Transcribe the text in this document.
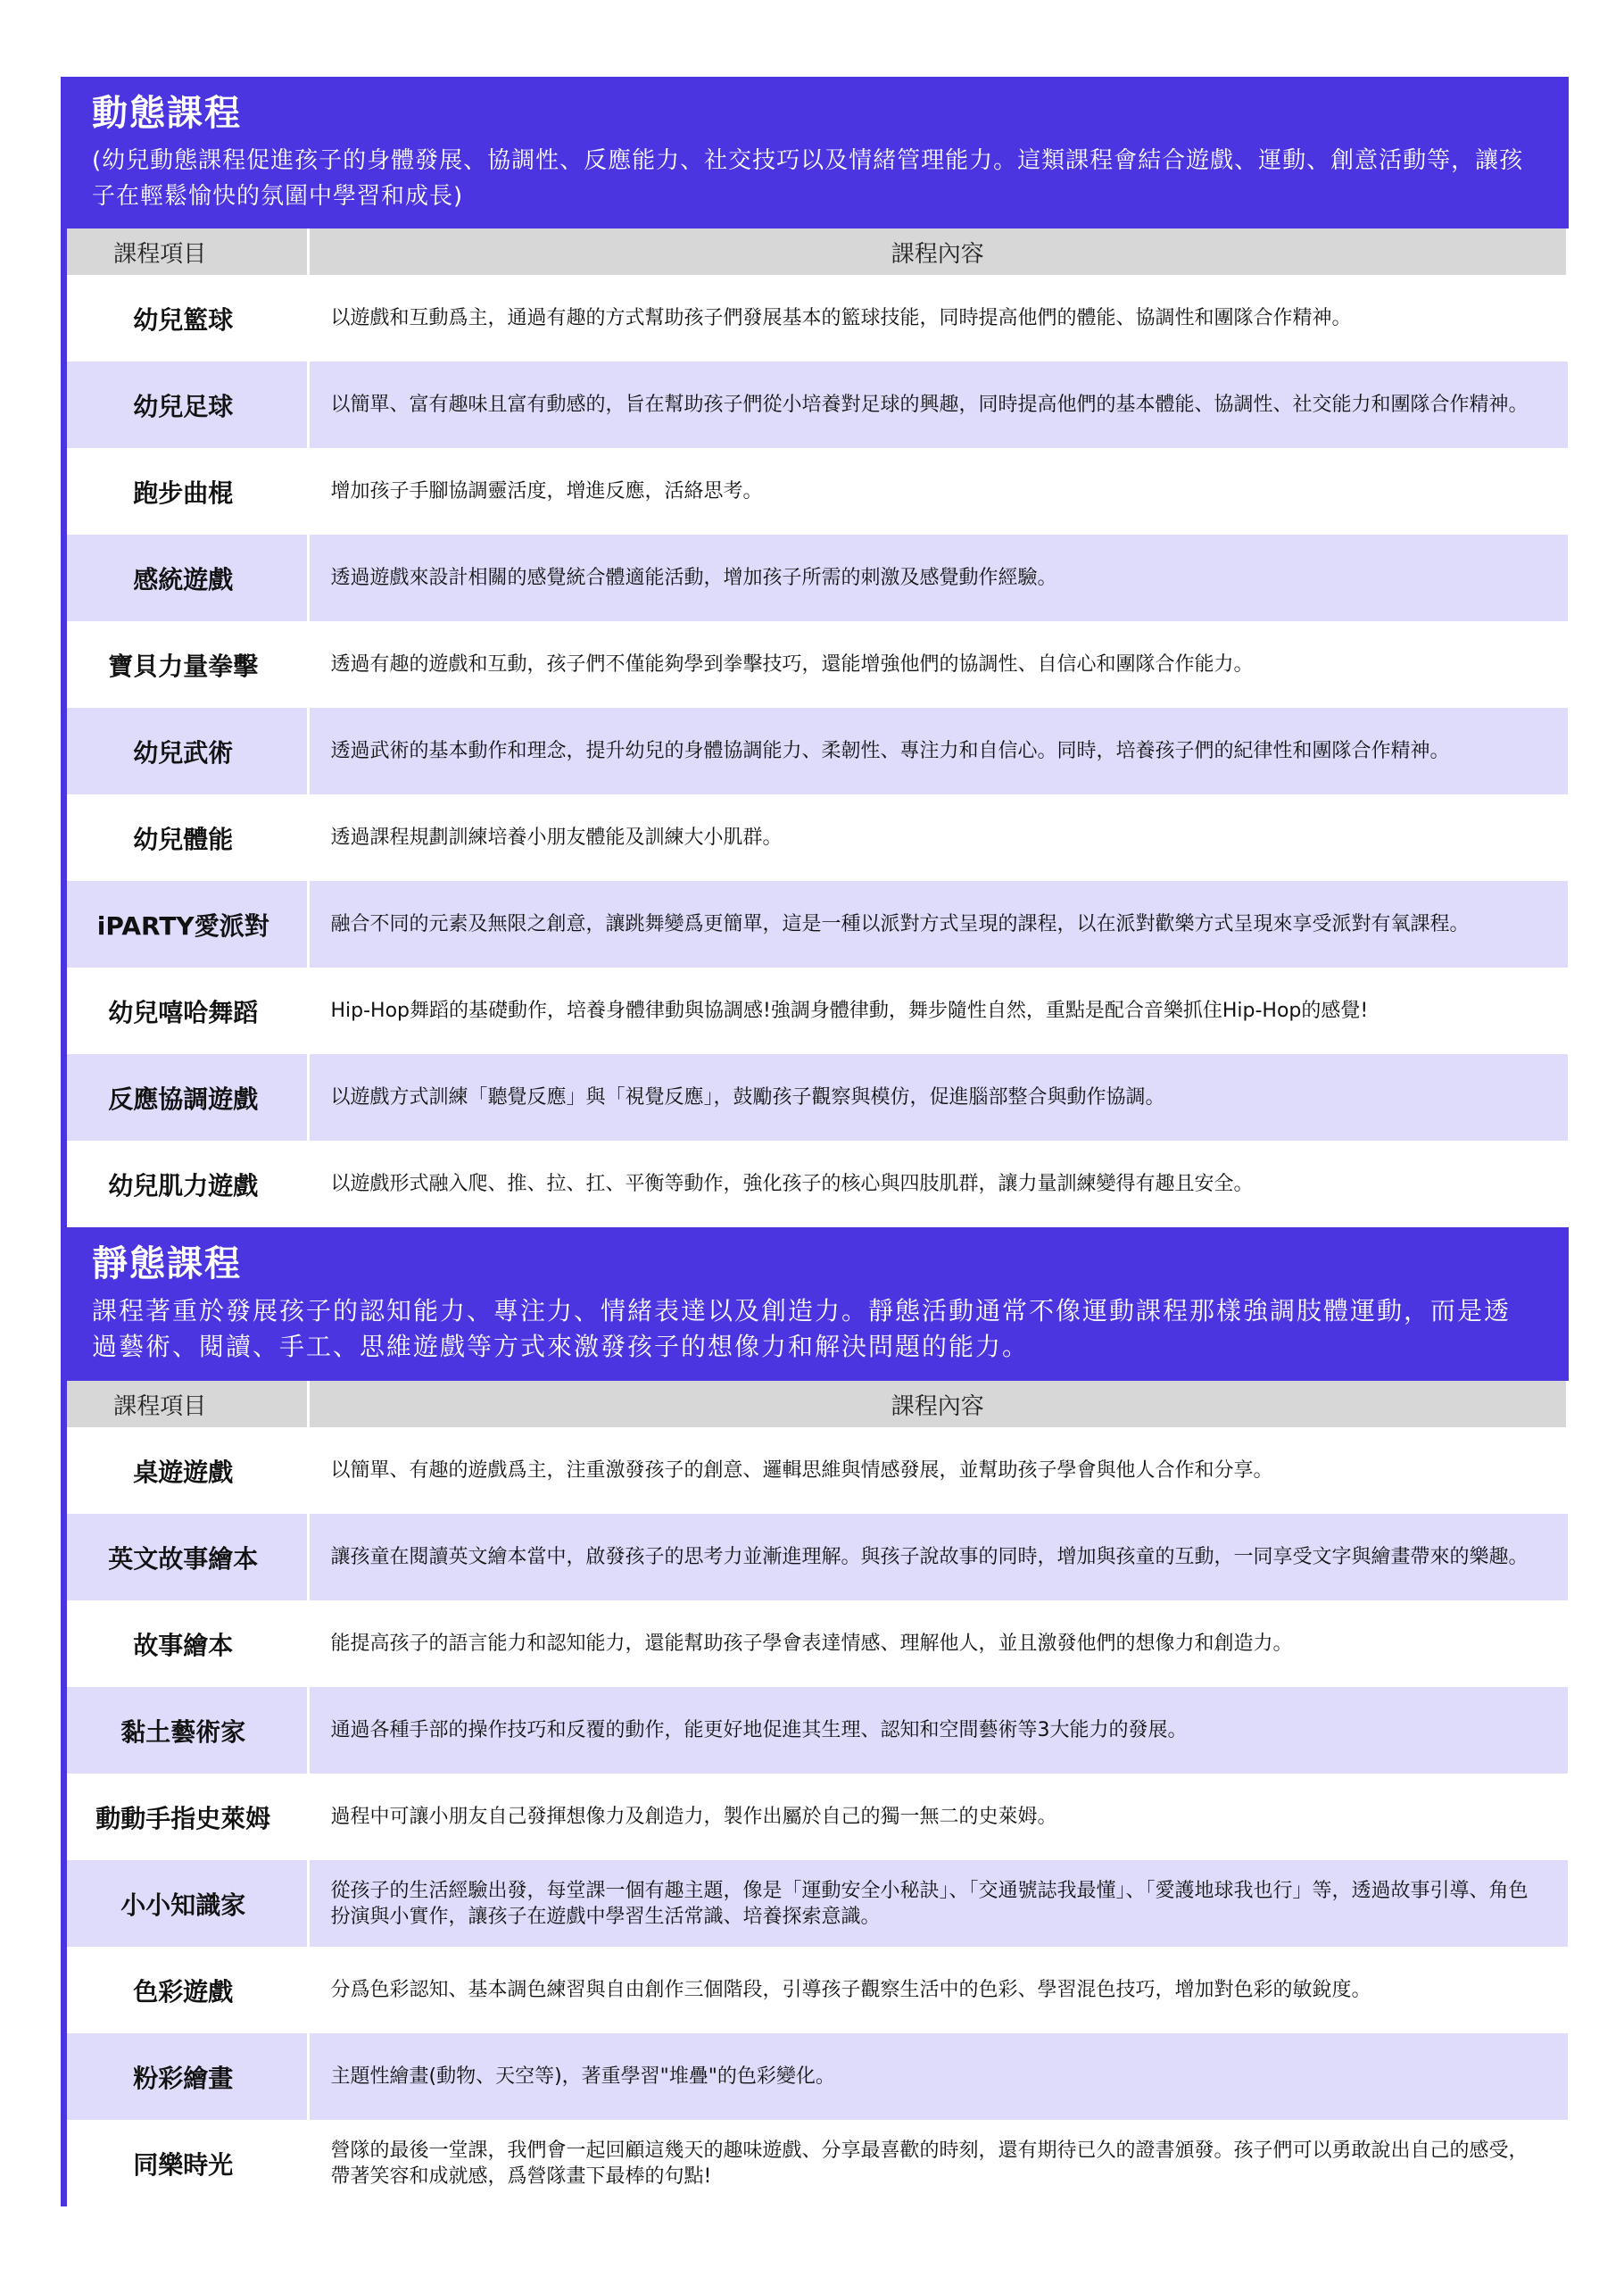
動態課程
(幼兒動態課程促進孩子的身體發展、協調性、反應能力、社交技巧以及情緒管理能力。這類課程會結合遊戲、運動、創意活動等，讓孩子在輕鬆愉快的氛圍中學習和成長)
課程項目	課程內容
幼兒籃球	以遊戲和互動爲主，通過有趣的方式幫助孩子們發展基本的籃球技能，同時提高他們的體能、協調性和團隊合作精神。
幼兒足球	以簡單、富有趣味且富有動感的，旨在幫助孩子們從小培養對足球的興趣，同時提高他們的基本體能、協調性、社交能力和團隊合作精神。
跑步曲棍	增加孩子手腳協調靈活度，增進反應，活絡思考。
感統遊戲	透過遊戲來設計相關的感覺統合體適能活動，增加孩子所需的刺激及感覺動作經驗。
寶貝力量拳擊	透過有趣的遊戲和互動，孩子們不僅能夠學到拳擊技巧，還能增強他們的協調性、自信心和團隊合作能力。
幼兒武術	透過武術的基本動作和理念，提升幼兒的身體協調能力、柔韌性、專注力和自信心。同時，培養孩子們的紀律性和團隊合作精神。
幼兒體能	透過課程規劃訓練培養小朋友體能及訓練大小肌群。
iPARTY愛派對	融合不同的元素及無限之創意，讓跳舞變爲更簡單，這是一種以派對方式呈現的課程，以在派對歡樂方式呈現來享受派對有氧課程。
幼兒嘻哈舞蹈	Hip-Hop舞蹈的基礎動作，培養身體律動與協調感!強調身體律動，舞步隨性自然，重點是配合音樂抓住Hip-Hop的感覺!
反應協調遊戲	以遊戲方式訓練「聽覺反應」與「視覺反應」，鼓勵孩子觀察與模仿，促進腦部整合與動作協調。
幼兒肌力遊戲	以遊戲形式融入爬、推、拉、扛、平衡等動作，強化孩子的核心與四肢肌群，讓力量訓練變得有趣且安全。
靜態課程
課程著重於發展孩子的認知能力、專注力、情緒表達以及創造力。靜態活動通常不像運動課程那樣強調肢體運動，而是透過藝術、閱讀、手工、思維遊戲等方式來激發孩子的想像力和解決問題的能力。
課程項目	課程內容
桌遊遊戲	以簡單、有趣的遊戲爲主，注重激發孩子的創意、邏輯思維與情感發展，並幫助孩子學會與他人合作和分享。
英文故事繪本	讓孩童在閱讀英文繪本當中，啟發孩子的思考力並漸進理解。與孩子說故事的同時，增加與孩童的互動，一同享受文字與繪畫帶來的樂趣。
故事繪本	能提高孩子的語言能力和認知能力，還能幫助孩子學會表達情感、理解他人，並且激發他們的想像力和創造力。
黏土藝術家	通過各種手部的操作技巧和反覆的動作，能更好地促進其生理、認知和空間藝術等3大能力的發展。
動動手指史萊姆	過程中可讓小朋友自己發揮想像力及創造力，製作出屬於自己的獨一無二的史萊姆。
小小知識家	從孩子的生活經驗出發，每堂課一個有趣主題，像是「運動安全小秘訣」、「交通號誌我最懂」、「愛護地球我也行」等，透過故事引導、角色扮演與小實作，讓孩子在遊戲中學習生活常識、培養探索意識。
色彩遊戲	分爲色彩認知、基本調色練習與自由創作三個階段，引導孩子觀察生活中的色彩、學習混色技巧，增加對色彩的敏銳度。
粉彩繪畫	主題性繪畫(動物、天空等)，著重學習"堆疊"的色彩變化。
同樂時光	營隊的最後一堂課，我們會一起回顧這幾天的趣味遊戲、分享最喜歡的時刻，還有期待已久的證書頒發。孩子們可以勇敢說出自己的感受，帶著笑容和成就感，爲營隊畫下最棒的句點!
